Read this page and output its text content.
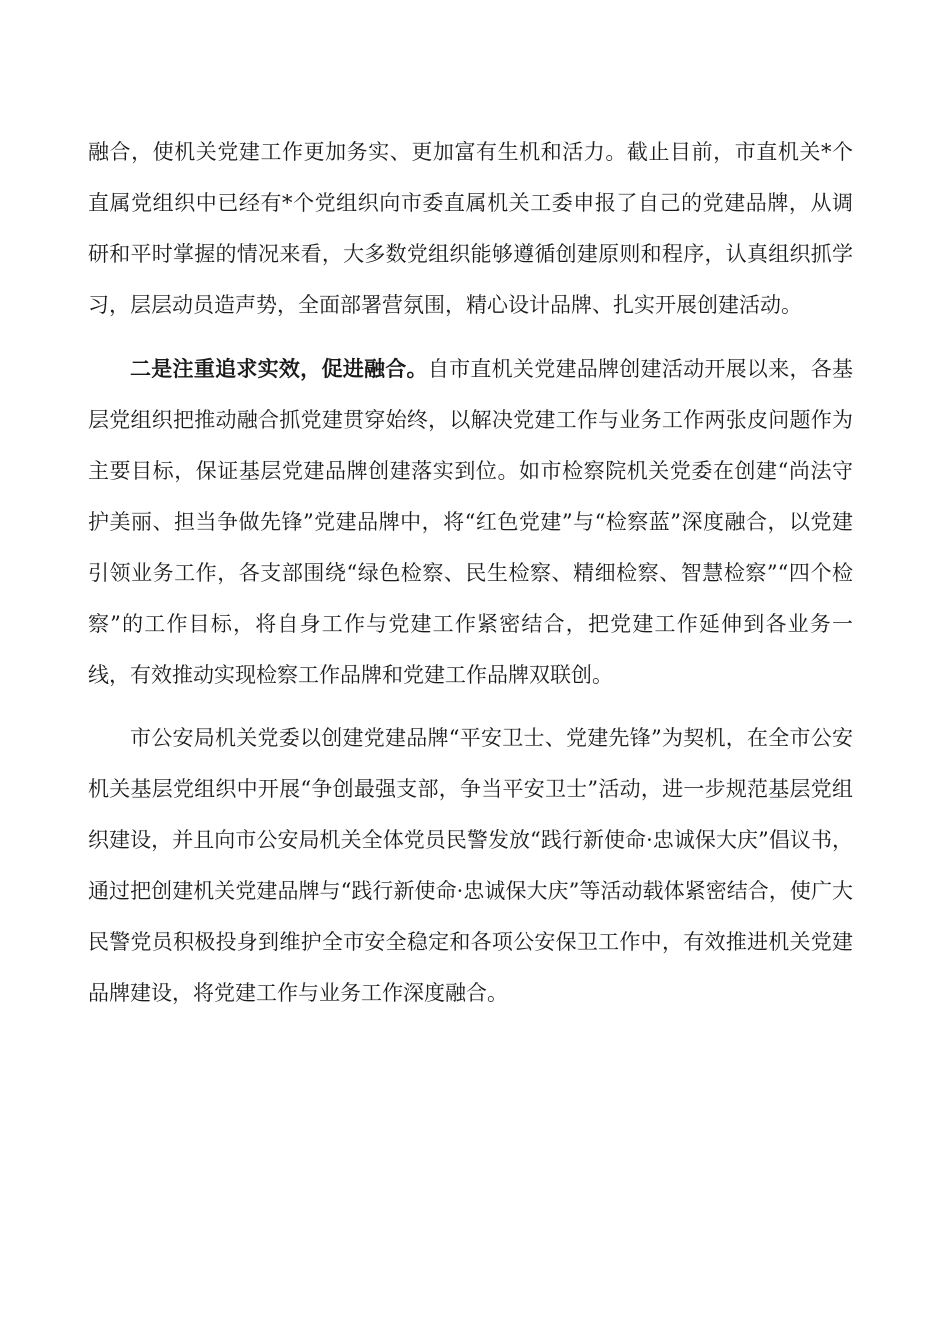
融合，使机关党建工作更加务实、更加富有生机和活力。截止目前，市直机关*个直属党组织中已经有*个党组织向市委直属机关工委申报了自己的党建品牌，从调研和平时掌握的情况来看，大多数党组织能够遵循创建原则和程序，认真组织抓学习，层层动员造声势，全面部署营氛围，精心设计品牌、扎实开展创建活动。

二是注重追求实效，促进融合。自市直机关党建品牌创建活动开展以来，各基层党组织把推动融合抓党建贯穿始终，以解决党建工作与业务工作两张皮问题作为主要目标，保证基层党建品牌创建落实到位。如市检察院机关党委在创建“尚法守护美丽、担当争做先锋”党建品牌中，将“红色党建”与“检察蓝”深度融合，以党建引领业务工作，各支部围绕“绿色检察、民生检察、精细检察、智慧检察”“四个检察”的工作目标，将自身工作与党建工作紧密结合，把党建工作延伸到各业务一线，有效推动实现检察工作品牌和党建工作品牌双联创。

市公安局机关党委以创建党建品牌“平安卫士、党建先锋”为契机，在全市公安机关基层党组织中开展“争创最强支部，争当平安卫士”活动，进一步规范基层党组织建设，并且向市公安局机关全体党员民警发放“践行新使命·忠诚保大庆”倡议书，通过把创建机关党建品牌与“践行新使命·忠诚保大庆”等活动载体紧密结合，使广大民警党员积极投身到维护全市安全稳定和各项公安保卫工作中，有效推进机关党建品牌建设，将党建工作与业务工作深度融合。
